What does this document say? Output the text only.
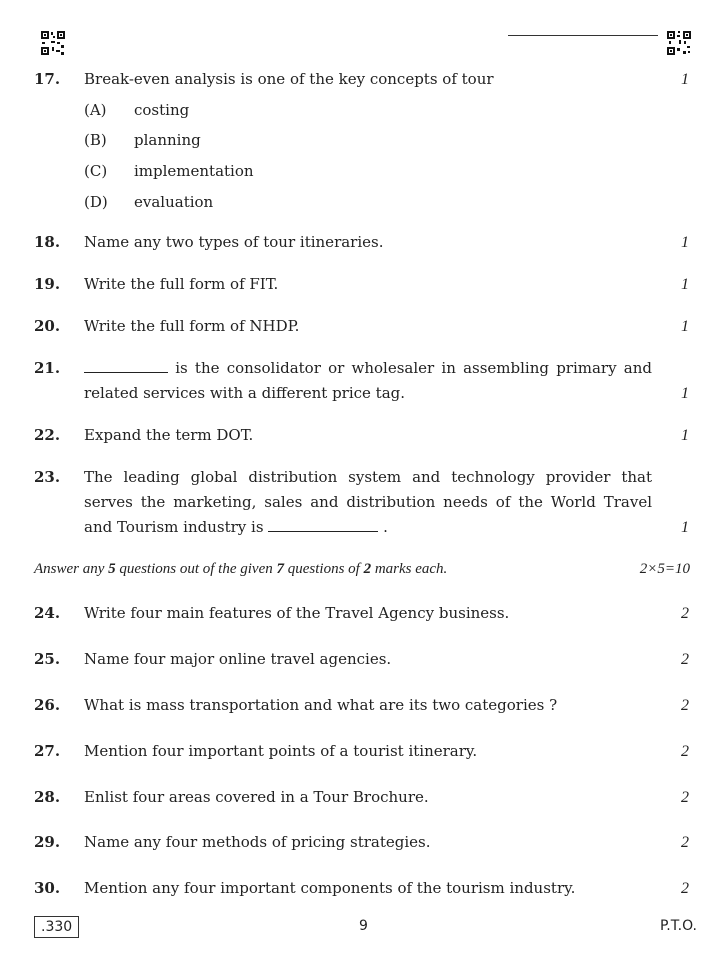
17. Break-even analysis is one of the key concepts of tour	1
(A) costing
(B) planning
(C) implementation
(D) evaluation
18. Name any two types of tour itineraries.	1
19. Write the full form of FIT.	1
20. Write the full form of NHDP.	1
21.	is the consolidator or wholesaler in assembling primary and
related services with a different price tag.	1
22. Expand the term DOT.	1
23. The leading global distribution system and technology provider that
serves the marketing, sales and distribution needs of the World Travel
and Tourism industry is	.	1
Answer any 5 questions out of the given 7 questions of 2 marks each.	2×5=10
24. Write four main features of the Travel Agency business.	2
25. Name four major online travel agencies.	2
26. What is mass transportation and what are its two categories ?	2
27. Mention four important points of a tourist itinerary.	2
28. Enlist four areas covered in a Tour Brochure.	2
29. Name any four methods of pricing strategies.	2
30. Mention any four important components of the tourism industry.	2
.330	9	P.T.O.
